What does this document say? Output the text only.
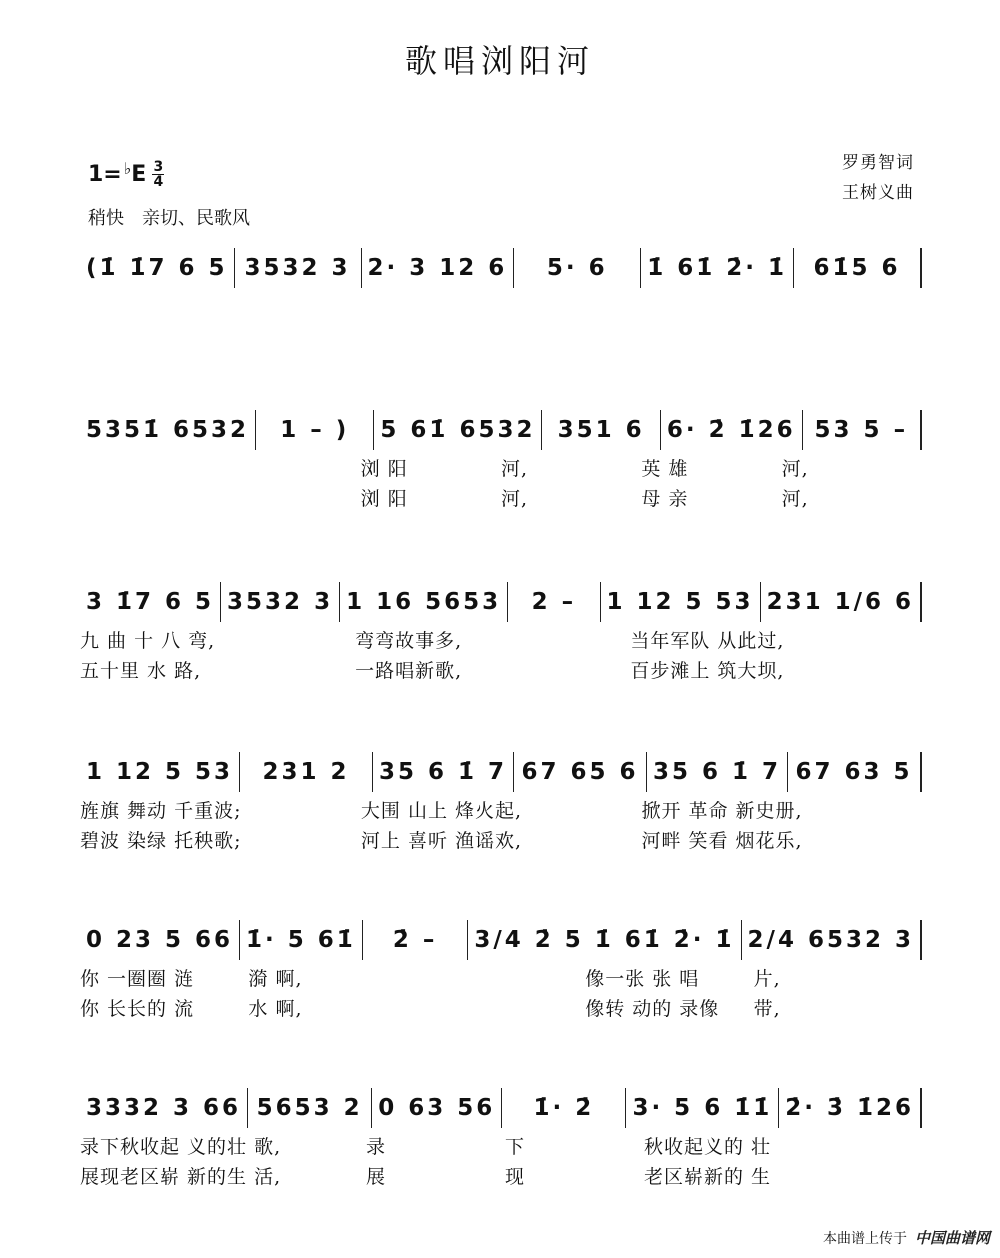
歌唱浏阳河
1= ♭ E 3
4
稍快　亲切、民歌风
罗勇智词
王树义曲
(1̇ 1̇7 6 5 3532 3 2· 3 12 6 5· 6 1̇ 61̇ 2̇· 1̇ 61̇5 6
5351̇ 6532 1 – ) 5 61̇ 6532 351 6 6· 2̇ 1̇26 53 5 –
浏 阳	河,	英 雄	河,
浏 阳	河,	母 亲	河,
3 1̇7 6 5 3532 3 1 16 5653 2 – 1 12 5 53 231 1/6 6
九 曲 十 八 弯,	弯弯故事多,	当年军队 从此过,
五十里 水 路,	一路唱新歌,	百步滩上 筑大坝,
1 12 5 53 231 2 35 6 1̇ 7 67 65 6 35 6 1̇ 7 67 63 5
旌旗 舞动 千重波;	大围 山上 烽火起,	掀开 革命 新史册,
碧波 染绿 托秧歌;	河上 喜听 渔谣欢,	河畔 笑看 烟花乐,
0 23 5 66 1̇· 5 61̇ 2̇ – 3/4 2̇ 5 1̇ 61̇ 2̇· 1̇ 2/4 6532 3
你 一圈圈 涟	漪 啊,	像一张 张 唱	片,
你 长长的 流	水 啊,	像转 动的 录像	带,
3332 3 66 5653 2 0 63 56 1̇· 2̇ 3· 5 6 1̇1̇ 2̇· 3̇ 1̇26
录下秋收起 义的 壮 歌,	录	下	秋收起义的 壮
展现老区崭 新的 生 活,	展	现	老区崭新的 生
本曲谱上传于 中国曲谱网
